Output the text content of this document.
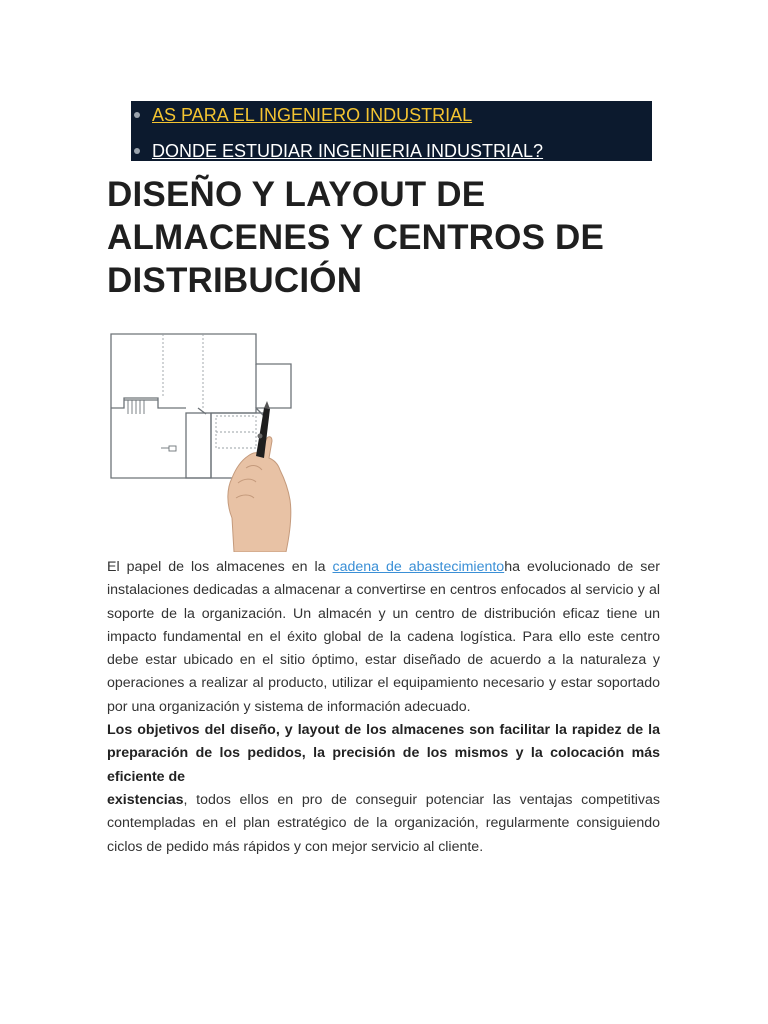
AS PARA EL INGENIERO INDUSTRIAL
DONDE ESTUDIAR INGENIERIA INDUSTRIAL?
DISEÑO Y LAYOUT DE ALMACENES Y CENTROS DE DISTRIBUCIÓN

El papel de los almacenes en la cadena de abastecimientoha evolucionado de ser instalaciones dedicadas a almacenar a convertirse en centros enfocados al servicio y al soporte de la organización. Un almacén y un centro de distribución eficaz tiene un impacto fundamental en el éxito global de la cadena logística. Para ello este centro debe estar ubicado en el sitio óptimo, estar diseñado de acuerdo a la naturaleza y operaciones a realizar al producto, utilizar el equipamiento necesario y estar soportado por una organización y sistema de información adecuado.

Los objetivos del diseño, y layout de los almacenes son facilitar la rapidez de la preparación de los pedidos, la precisión de los mismos y la colocación más eficiente de
existencias, todos ellos en pro de conseguir potenciar las ventajas competitivas contempladas en el plan estratégico de la organización, regularmente consiguiendo ciclos de pedido más rápidos y con mejor servicio al cliente.
